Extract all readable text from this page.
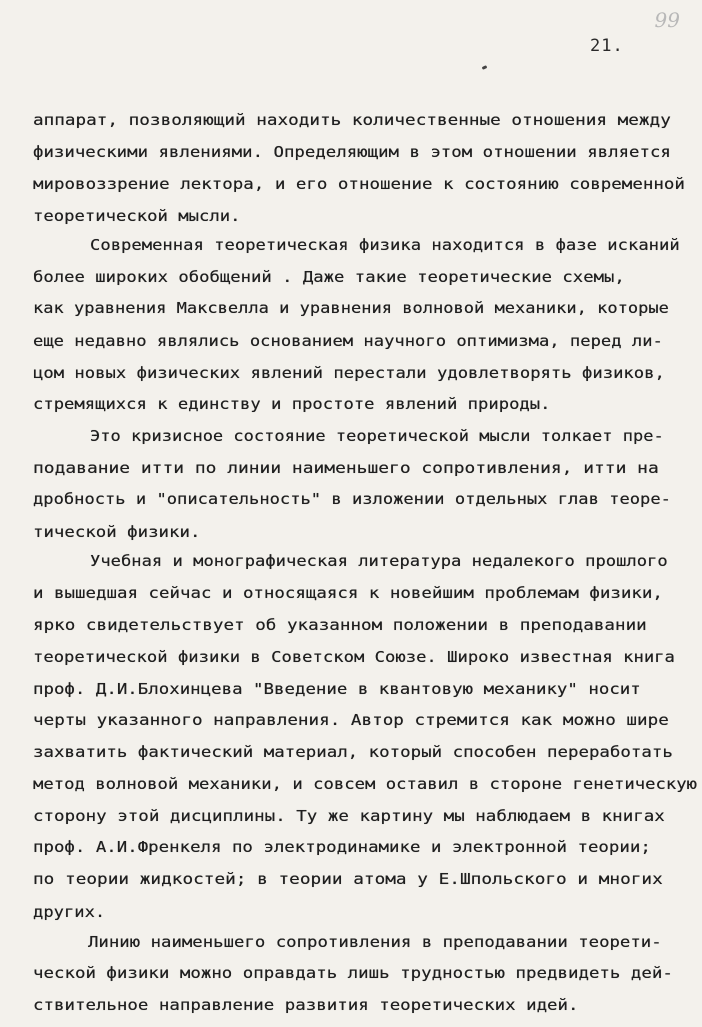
99
21.
аппарат, позволяющий находить количественные отношения между
физическими явлениями. Определяющим в этом отношении является
мировоззрение лектора, и его отношение к состоянию современной
теоретической мысли.
Современная теоретическая физика находится в фазе исканий
более широких обобщений . Даже такие теоретические схемы,
как уравнения Максвелла и уравнения волновой механики, которые
еще недавно являлись основанием научного оптимизма, перед ли-
цом новых физических явлений перестали удовлетворять физиков,
стремящихся к единству и простоте явлений природы.
Это кризисное состояние теоретической мысли толкает пре-
подавание итти по линии наименьшего сопротивления, итти на
дробность и "описательность" в изложении отдельных глав теоре-
тической физики.
Учебная и монографическая литература недалекого прошлого
и вышедшая сейчас и относящаяся к новейшим проблемам физики,
ярко свидетельствует об указанном положении в преподавании
теоретической физики в Советском Союзе. Широко известная книга
проф. Д.И.Блохинцева "Введение в квантовую механику" носит
черты указанного направления. Автор стремится как можно шире
захватить фактический материал, который способен переработать
метод волновой механики, и совсем оставил в стороне генетическую
сторону этой дисциплины. Ту же картину мы наблюдаем в книгах
проф. А.И.Френкеля по электродинамике и электронной теории;
по теории жидкостей; в теории атома у Е.Шпольского и многих
других.
Линию наименьшего сопротивления в преподавании теорети-
ческой физики можно оправдать лишь трудностью предвидеть дей-
ствительное направление развития теоретических идей.
